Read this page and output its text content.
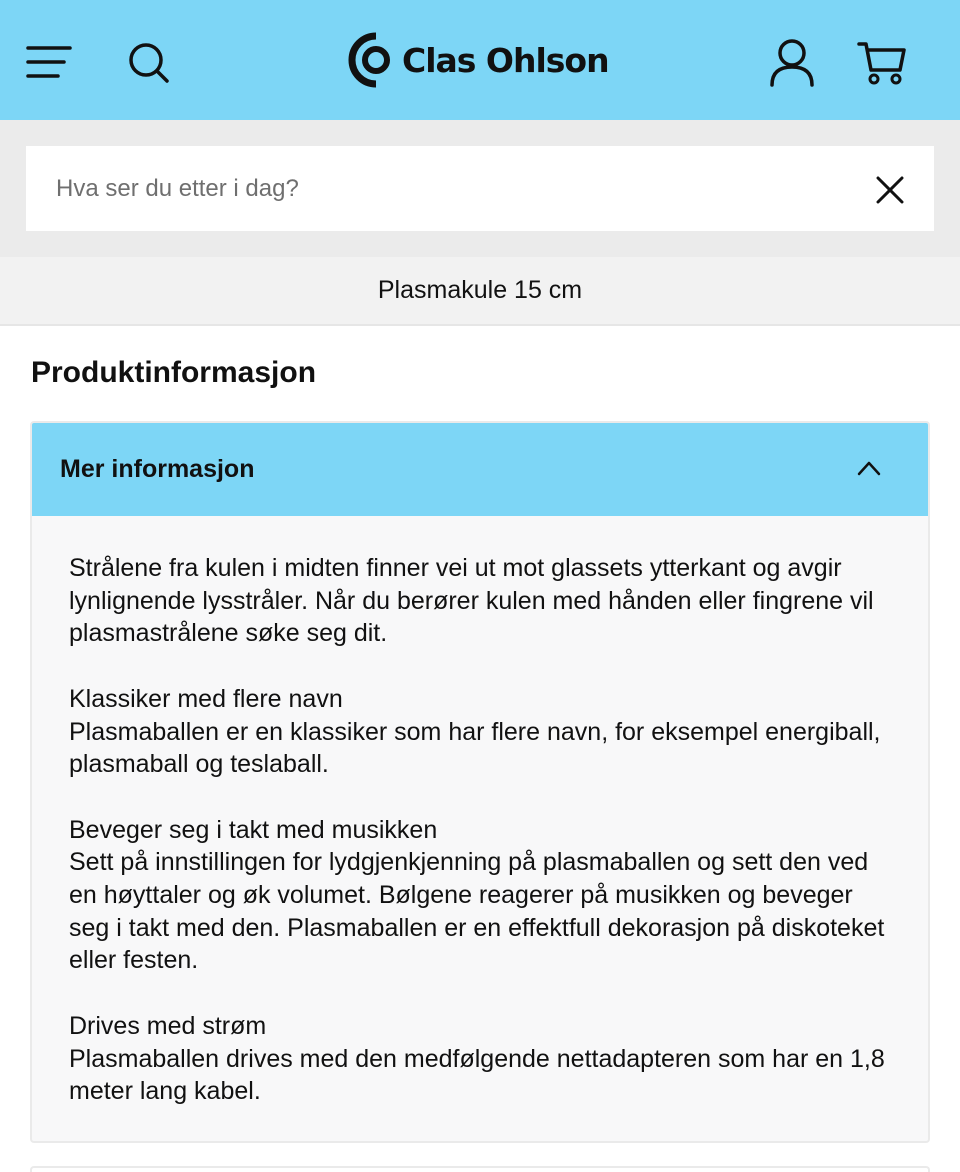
Clas Ohlson
Hva ser du etter i dag?
Plasmakule 15 cm
Produktinformasjon
Mer informasjon

Strålene fra kulen i midten finner vei ut mot glassets ytterkant og avgir lynlignende lysstråler. Når du berører kulen med hånden eller fingrene vil plasmastrålene søke seg dit.

Klassiker med flere navn
Plasmaballen er en klassiker som har flere navn, for eksempel energiball, plasmaball og teslaball.

Beveger seg i takt med musikken
Sett på innstillingen for lydgjenkjenning på plasmaballen og sett den ved en høyttaler og øk volumet. Bølgene reagerer på musikken og beveger seg i takt med den. Plasmaballen er en effektfull dekorasjon på diskoteket eller festen.

Drives med strøm
Plasmaballen drives med den medfølgende nettadapteren som har en 1,8 meter lang kabel.
